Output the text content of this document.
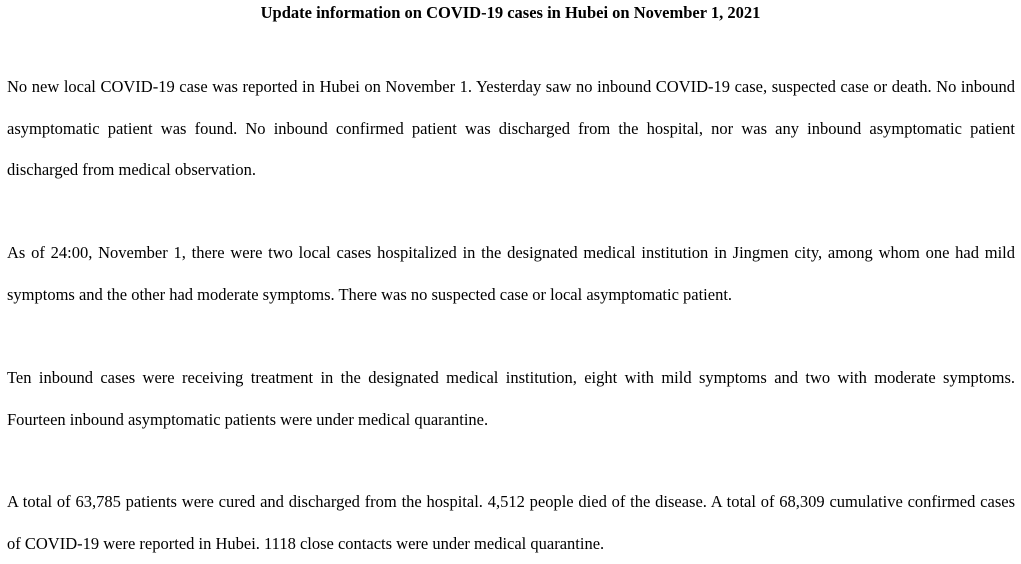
Update information on COVID-19 cases in Hubei on November 1, 2021

No new local COVID-19 case was reported in Hubei on November 1. Yesterday saw no inbound COVID-19 case, suspected case or death. No inbound asymptomatic patient was found. No inbound confirmed patient was discharged from the hospital, nor was any inbound asymptomatic patient discharged from medical observation.

As of 24:00, November 1, there were two local cases hospitalized in the designated medical institution in Jingmen city, among whom one had mild symptoms and the other had moderate symptoms. There was no suspected case or local asymptomatic patient.

Ten inbound cases were receiving treatment in the designated medical institution, eight with mild symptoms and two with moderate symptoms. Fourteen inbound asymptomatic patients were under medical quarantine.

A total of 63,785 patients were cured and discharged from the hospital. 4,512 people died of the disease. A total of 68,309 cumulative confirmed cases of COVID-19 were reported in Hubei. 1118 close contacts were under medical quarantine.
